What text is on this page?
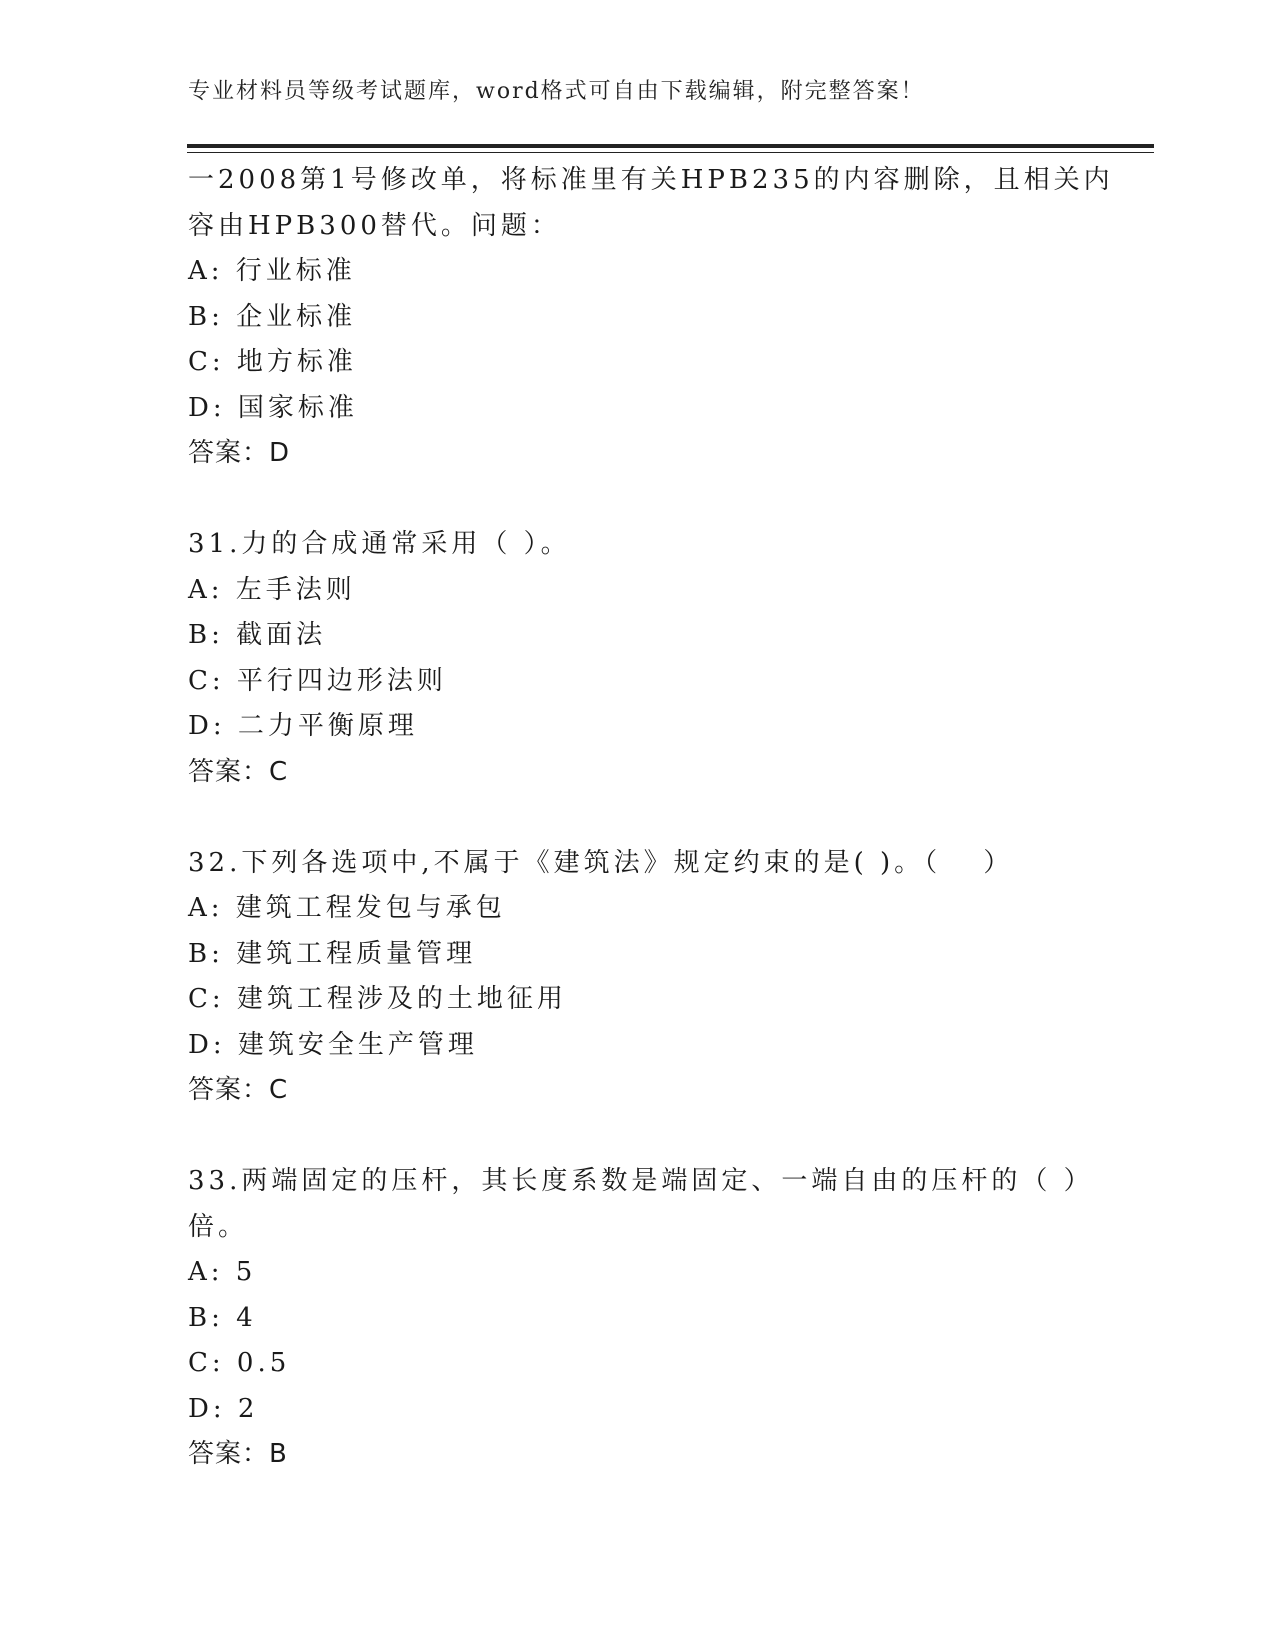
专业材料员等级考试题库，word格式可自由下载编辑，附完整答案！
一2008第1号修改单，将标准里有关HPB235的内容删除，且相关内
容由HPB300替代。问题：
A: 行业标准
B: 企业标准
C: 地方标准
D: 国家标准
答案：D
31.力的合成通常采用（ ）。
A: 左手法则
B: 截面法
C: 平行四边形法则
D: 二力平衡原理
答案：C
32.下列各选项中,不属于《建筑法》规定约束的是( )。（　 ）
A: 建筑工程发包与承包
B: 建筑工程质量管理
C: 建筑工程涉及的土地征用
D: 建筑安全生产管理
答案：C
33.两端固定的压杆，其长度系数是端固定、一端自由的压杆的（ ）
倍。
A: 5
B: 4
C: 0.5
D: 2
答案：B
